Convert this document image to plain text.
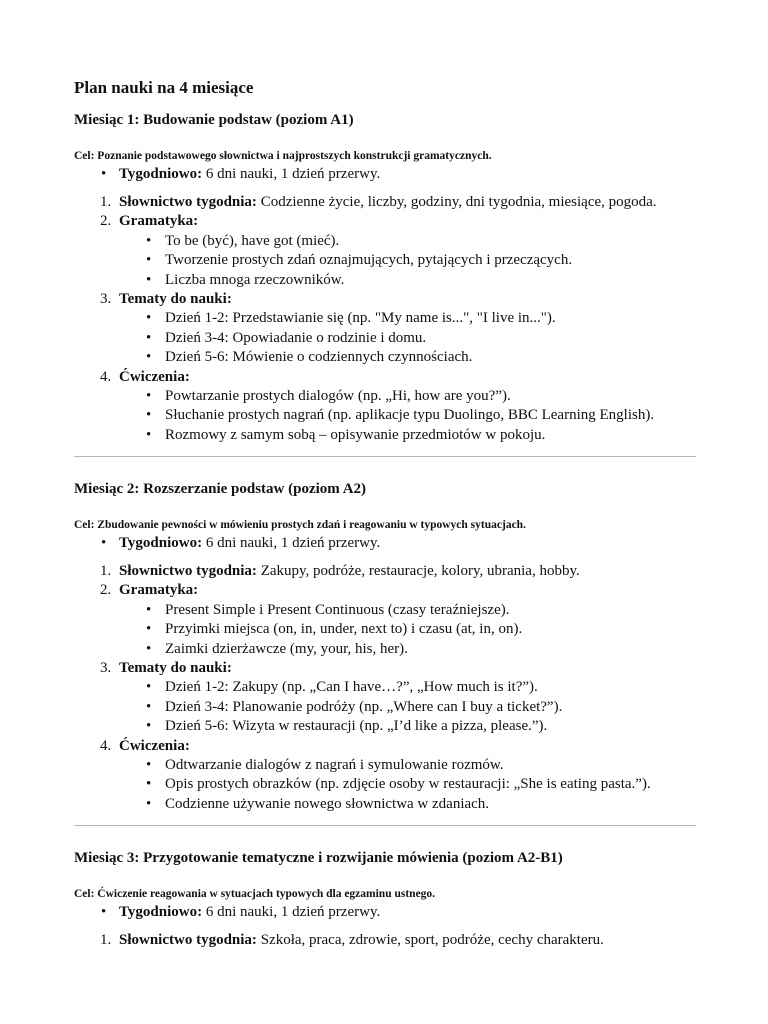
Plan nauki na 4 miesiące
Miesiąc 1: Budowanie podstaw (poziom A1)

Cel: Poznanie podstawowego słownictwa i najprostszych konstrukcji gramatycznych.

• Tygodniowo: 6 dni nauki, 1 dzień przerwy.
1. Słownictwo tygodnia: Codzienne życie, liczby, godziny, dni tygodnia, miesiące, pogoda.
2. Gramatyka:
• To be (być), have got (mieć).
• Tworzenie prostych zdań oznajmujących, pytających i przeczących.
• Liczba mnoga rzeczowników.
3. Tematy do nauki:
• Dzień 1-2: Przedstawianie się (np. "My name is...", "I live in...").
• Dzień 3-4: Opowiadanie o rodzinie i domu.
• Dzień 5-6: Mówienie o codziennych czynnościach.
4. Ćwiczenia:
• Powtarzanie prostych dialogów (np. „Hi, how are you?”).
• Słuchanie prostych nagrań (np. aplikacje typu Duolingo, BBC Learning English).
• Rozmowy z samym sobą – opisywanie przedmiotów w pokoju.
Miesiąc 2: Rozszerzanie podstaw (poziom A2)

Cel: Zbudowanie pewności w mówieniu prostych zdań i reagowaniu w typowych sytuacjach.

• Tygodniowo: 6 dni nauki, 1 dzień przerwy.
1. Słownictwo tygodnia: Zakupy, podróże, restauracje, kolory, ubrania, hobby.
2. Gramatyka:
• Present Simple i Present Continuous (czasy teraźniejsze).
• Przyimki miejsca (on, in, under, next to) i czasu (at, in, on).
• Zaimki dzierżawcze (my, your, his, her).
3. Tematy do nauki:
• Dzień 1-2: Zakupy (np. „Can I have…?”, „How much is it?”).
• Dzień 3-4: Planowanie podróży (np. „Where can I buy a ticket?”).
• Dzień 5-6: Wizyta w restauracji (np. „I’d like a pizza, please.”).
4. Ćwiczenia:
• Odtwarzanie dialogów z nagrań i symulowanie rozmów.
• Opis prostych obrazków (np. zdjęcie osoby w restauracji: „She is eating pasta.”).
• Codzienne używanie nowego słownictwa w zdaniach.
Miesiąc 3: Przygotowanie tematyczne i rozwijanie mówienia (poziom A2-B1)

Cel: Ćwiczenie reagowania w sytuacjach typowych dla egzaminu ustnego.

• Tygodniowo: 6 dni nauki, 1 dzień przerwy.
1. Słownictwo tygodnia: Szkoła, praca, zdrowie, sport, podróże, cechy charakteru.
